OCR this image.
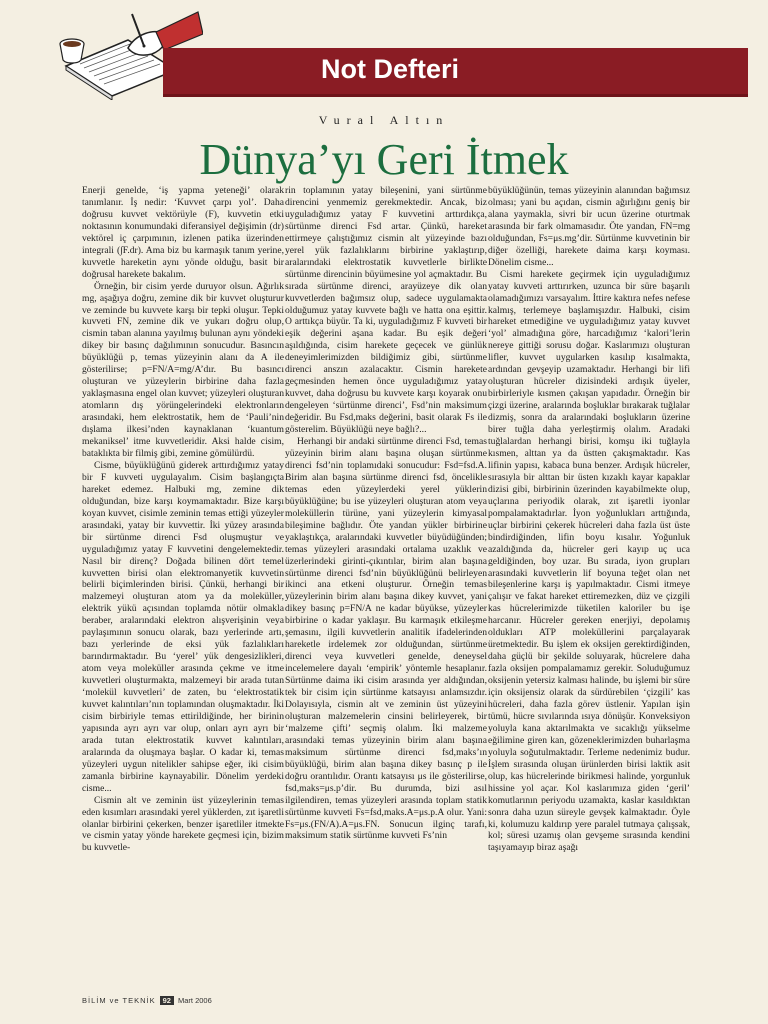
Not Defteri
Vural Altın
Dünya’yı Geri İtmek

Enerji genelde, ‘iş yapma yeteneği’ olarak tanımlanır. İş nedir: ‘Kuvvet çarpı yol’. Daha doğrusu kuvvet vektörüyle (F), kuvvetin etki noktasının konumundaki diferansiyel değişimin (dr) vektörel iç çarpımının, izlenen patika üzerinden integrali (∫F.dr). Ama biz bu karmaşık tanım yerine, kuvvetle hareketin aynı yönde olduğu, basit bir doğrusal harekete bakalım.

Örneğin, bir cisim yerde duruyor olsun. Ağırlık mg, aşağıya doğru, zemine dik bir kuvvet oluşturur ve zeminde bu kuvvete karşı bir tepki oluşur. Tepki kuvveti FN, zemine dik ve yukarı doğru olup, cismin taban alanına yayılmış bulunan aynı yöndeki dikey bir basınç dağılımının sonucudur. Basıncın büyüklüğü p, temas yüzeyinin alanı da A ile gösterilirse; p=FN/A=mg/A’dır. Bu basıncı oluşturan ve yüzeylerin birbirine daha fazla yaklaşmasına engel olan kuvvet; yüzeyleri oluşturan atomların dış yörüngelerindeki elektronların arasındaki, hem elektrostatik, hem de ‘Pauli’nin dışlama ilkesi’nden kaynaklanan ‘kuantum mekaniksel’ itme kuvvetleridir. Aksi halde cisim, bataklıkta bir filmiş gibi, zemine gömülürdü.

Cisme, büyüklüğünü giderek arttırdığımız yatay bir F kuvveti uygulayalım. Cisim başlangıçta hareket edemez. Halbuki mg, zemine dik olduğundan, bize karşı koymamaktadır. Bize karşı koyan kuvvet, cisimle zeminin temas ettiği yüzeyler arasındaki, yatay bir kuvvettir. İki yüzey arasında bir sürtünme direnci Fsd oluşmuştur ve uyguladığımız yatay F kuvvetini dengelemektedir. Nasıl bir direnç? Doğada bilinen dört temel kuvvetten birisi olan elektromanyetik kuvvetin belirli biçimlerinden birisi. Çünkü, herhangi bir malzemeyi oluşturan atom ya da moleküller, elektrik yükü açısından toplamda nötür olmakla beraber, aralarındaki elektron alışverişinin veya paylaşımının sonucu olarak, bazı yerlerinde artı, bazı yerlerinde de eksi yük fazlalıkları barındırmaktadır. Bu ‘yerel’ yük dengesizlikleri, atom veya moleküller arasında çekme ve itme kuvvetleri oluşturmakta, malzemeyi bir arada tutan ‘molekül kuvvetleri’ de zaten, bu ‘elektrostatik kuvvet kalıntıları’nın toplamından oluşmaktadır. İki cisim birbiriyle temas ettirildiğinde, her birinin yapısında ayrı ayrı var olup, onları ayrı ayrı bir arada tutan elektrostatik kuvvet kalıntıları, aralarında da oluşmaya başlar. O kadar ki, temas yüzeyleri uygun nitelikler sahipse eğer, iki cisim zamanla birbirine kaynayabilir. Dönelim yerdeki cisme...

Cismin alt ve zeminin üst yüzeylerinin temas eden kısımları arasındaki yerel yüklerden, zıt işaretli olanlar birbirini çekerken, benzer işaretliler itmekte ve cismin yatay yönde harekete geçmesi için, bizim bu kuvvetle-

rin toplamının yatay bileşenini, yani sürtünme direncini yenmemiz gerekmektedir. Ancak, biz uyguladığımız yatay F kuvvetini arttırdıkça, sürtünme direnci Fsd artar. Çünkü, hareket ettirmeye çalıştığımız cismin alt yüzeyinde bazı yerel yük fazlalıklarını birbirine yaklaştırıp, aralarındaki elektrostatik kuvvetlerle birlikte sürtünme direncinin büyümesine yol açmaktadır. Bu sırada sürtünme direnci, arayüzeye dik olan kuvvetlerden bağımsız olup, sadece uygulamakta olduğumuz yatay kuvvete bağlı ve hatta ona eşittir. O arttıkça büyür. Ta ki, uyguladığımız F kuvveti bir eşik değerini aşana kadar. Bu eşik değeri aşıldığında, cisim harekete geçecek ve günlük deneyimlerimizden bildiğimiz gibi, sürtünme direnci anszın azalacaktır. Cismin harekete geçmesinden hemen önce uyguladığımız yatay kuvvet, daha doğrusu bu kuvvete karşı koyarak onu dengeleyen ‘sürtünme direnci’, Fsd’nin maksimum değeridir. Bu Fsd,maks değerini, basit olarak Fs ile gösterelim. Büyüklüğü neye bağlı?...

Herhangi bir andaki sürtünme direnci Fsd, temas yüzeyinin birim alanı başına oluşan sürtünme direnci fsd’nin toplamıdaki sonucudur: Fsd=fsd.A. Birim alan başına sürtünme direnci fsd, öncelikle temas eden yüzeylerdeki yerel yüklerin büyüklüğüne; bu ise yüzeyleri oluşturan atom veya moleküllerin türüne, yani yüzeylerin kimyasal bileşimine bağlıdır. Öte yandan yükler birbirine yaklaştıkça, aralarındaki kuvvetler büyüdüğünden; temas yüzeyleri arasındaki ortalama uzaklık ve üzerlerindeki girinti-çıkıntılar, birim alan başına sürtünme direnci fsd’nin büyüklüğünü belirleyen ikinci ana etkeni oluşturur. Örneğin temas yüzeylerinin birim alanı başına dikey kuvvet, yani dikey basınç p=FN/A ne kadar büyükse, yüzeyler birbirine o kadar yaklaşır. Bu karmaşık etkileşme şemasını, ilgili kuvvetlerin analitik ifadelerinden hareketle irdelemek zor olduğundan, sürtünme direnci veya kuvvetleri genelde, deneysel incelemelere dayalı ‘empirik’ yöntemle hesaplanır. Sürtünme daima iki cisim arasında yer aldığından, tek bir cisim için sürtünme katsayısı anlamsızdır. Dolayısıyla, cismin alt ve zeminin üst yüzeyini oluşturan malzemelerin cinsini belirleyerek, bir ‘malzeme çifti’ seçmiş olalım. İki malzeme arasındaki temas yüzeyinin birim alanı başına maksimum sürtünme direnci fsd,maks’ın büyüklüğü, birim alan başına dikey basınç p ile doğru orantılıdır. Orantı katsayısı μs ile gösterilirse, fsd,maks=μs.p’dir. Bu durumda, bizi asıl ilgilendiren, temas yüzeyleri arasında toplam statik sürtünme kuvveti Fs=fsd,maks.A=μs.p.A olur. Yani: Fs=μs.(FN/A).A=μs.FN. Sonucun ilginç tarafı, maksimum statik sürtünme kuvveti Fs’nin

büyüklüğünün, temas yüzeyinin alanından bağımsız olması; yani bu açıdan, cismin ağırlığını geniş bir alana yaymakla, sivri bir ucun üzerine oturtmak arasında bir fark olmamasıdır. Öte yandan, FN=mg olduğundan, Fs=μs.mg’dir. Sürtünme kuvvetinin bir diğer özelliği, harekete daima karşı koyması. Dönelim cisme...

Cismi harekete geçirmek için uyguladığımız yatay kuvveti arttırırken, uzunca bir süre başarılı olamadığımızı varsayalım. İttire kaktıra nefes nefese kalmış, terlemeye başlamışızdır. Halbuki, cisim hareket etmediğine ve uyguladığımız yatay kuvvet ‘yol’ almadığına göre, harcadığımız ‘kalori’lerin nereye gittiği sorusu doğar. Kaslarımızı oluşturan lifler, kuvvet uygularken kasılıp kısalmakta, ardından gevşeyip uzamaktadır. Herhangi bir lifi oluşturan hücreler dizisindeki ardışık üyeler, birbirleriyle kısmen çakışan yapıdadır. Örneğin bir çizgi üzerine, aralarında boşluklar bırakarak tuğlalar dizmiş, sonra da aralarındaki boşlukların üzerine birer tuğla daha yerleştirmiş olalım. Aradaki tuğlalardan herhangi birisi, komşu iki tuğlayla kısmen, alttan ya da üstten çakışmaktadır. Kas lifinin yapısı, kabaca buna benzer. Ardışık hücreler, sırasıyla bir alttan bir üsten kızaklı kayar kapaklar dizisi gibi, birbirinin üzerinden kayabilmekte olup, uçlarına periyodik olarak, zıt işaretli iyonlar pompalamaktadırlar. İyon yoğunlukları arttığında, uçlar birbirini çekerek hücreleri daha fazla üst üste bindirdiğinden, lifin boyu kısalır. Yoğunluk azaldığında da, hücreler geri kayıp uç uca geldiğinden, boy uzar. Bu sırada, iyon grupları arasındaki kuvvetlerin lif boyuna teğet olan net bileşenlerine karşı iş yapılmaktadır. Cismi itmeye çalışır ve fakat hareket ettiremezken, düz ve çizgili kas hücrelerimizde tüketilen kaloriler bu işe harcanır. Hücreler gereken enerjiyi, depolamış oldukları ATP moleküllerini parçalayarak üretmektedir. Bu işlem ek oksijen gerektirdiğinden, daha güçlü bir şekilde soluyarak, hücrelere daha fazla oksijen pompalamamız gerekir. Soluduğumuz oksijenin yetersiz kalması halinde, bu işlemi bir süre için oksijensiz olarak da sürdürebilen ‘çizgili’ kas hücreleri, daha fazla görev üstlenir. Yapılan işin tümü, hücre sıvılarında ısıya dönüşür. Konveksiyon yoluyla kana aktarılmakta ve sıcaklığı yükselme eğilimine giren kan, gözeneklerimizden buharlaşma yoluyla soğutulmaktadır. Terleme nedenimiz budur. İşlem sırasında oluşan ürünlerden birisi laktik asit olup, kas hücrelerinde birikmesi halinde, yorgunluk hissine yol açar. Kol kaslarımıza giden ‘geril’ komutlarının periyodu uzamakta, kaslar kasıldıktan sonra daha uzun süreyle gevşek kalmaktadır. Öyle ki, kolumuzu kaldırıp yere paralel tutmaya çalışsak, kol; süresi uzamış olan gevşeme sırasında kendini taşıyamayıp biraz aşağı

BİLİM ve TEKNİK 92 Mart 2006
